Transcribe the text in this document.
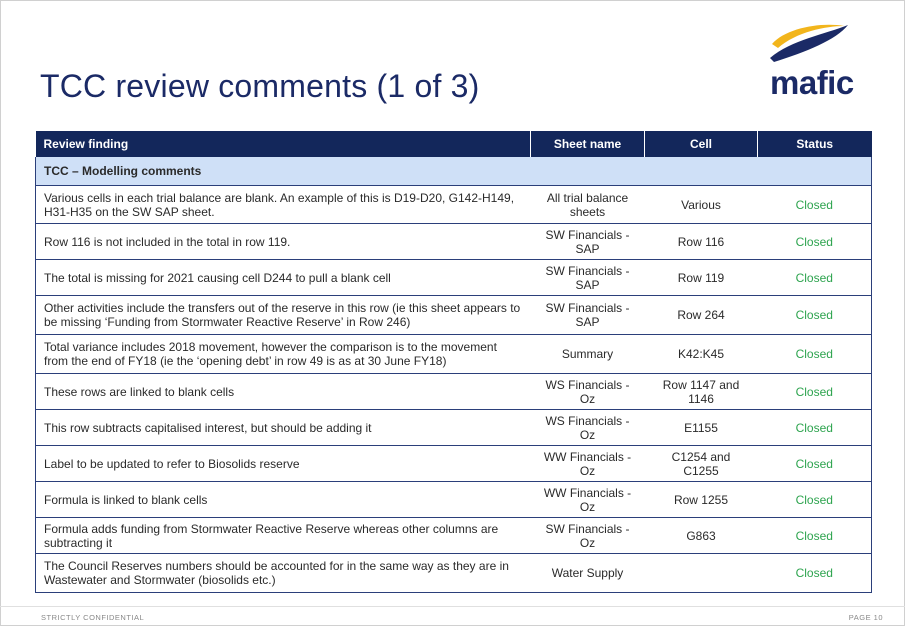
TCC review comments (1 of 3)	mafic
Review finding	Sheet name	Cell	Status
TCC – Modelling comments			
Various cells in each trial balance are blank. An example of this is D19-D20, G142-H149, H31-H35 on the SW SAP sheet.	All trial balance sheets	Various	Closed
Row 116 is not included in the total in row 119.	SW Financials - SAP	Row 116	Closed
The total is missing for 2021 causing cell D244 to pull a blank cell	SW Financials - SAP	Row 119	Closed
Other activities include the transfers out of the reserve in this row (ie this sheet appears to be missing ‘Funding from Stormwater Reactive Reserve’ in Row 246)	SW Financials - SAP	Row 264	Closed
Total variance includes 2018 movement, however the comparison is to the movement from the end of FY18 (ie the ‘opening debt’ in row 49 is as at 30 June FY18)	Summary	K42:K45	Closed
These rows are linked to blank cells	WS Financials - Oz	Row 1147 and 1146	Closed
This row subtracts capitalised interest, but should be adding it	WS Financials - Oz	E1155	Closed
Label to be updated to refer to Biosolids reserve	WW Financials - Oz	C1254 and C1255	Closed
Formula is linked to blank cells	WW Financials - Oz	Row 1255	Closed
Formula adds funding from Stormwater Reactive Reserve whereas other columns are subtracting it	SW Financials - Oz	G863	Closed
The Council Reserves numbers should be accounted for in the same way as they are in Wastewater and Stormwater (biosolids etc.)	Water Supply		Closed
STRICTLY CONFIDENTIAL	PAGE 10
